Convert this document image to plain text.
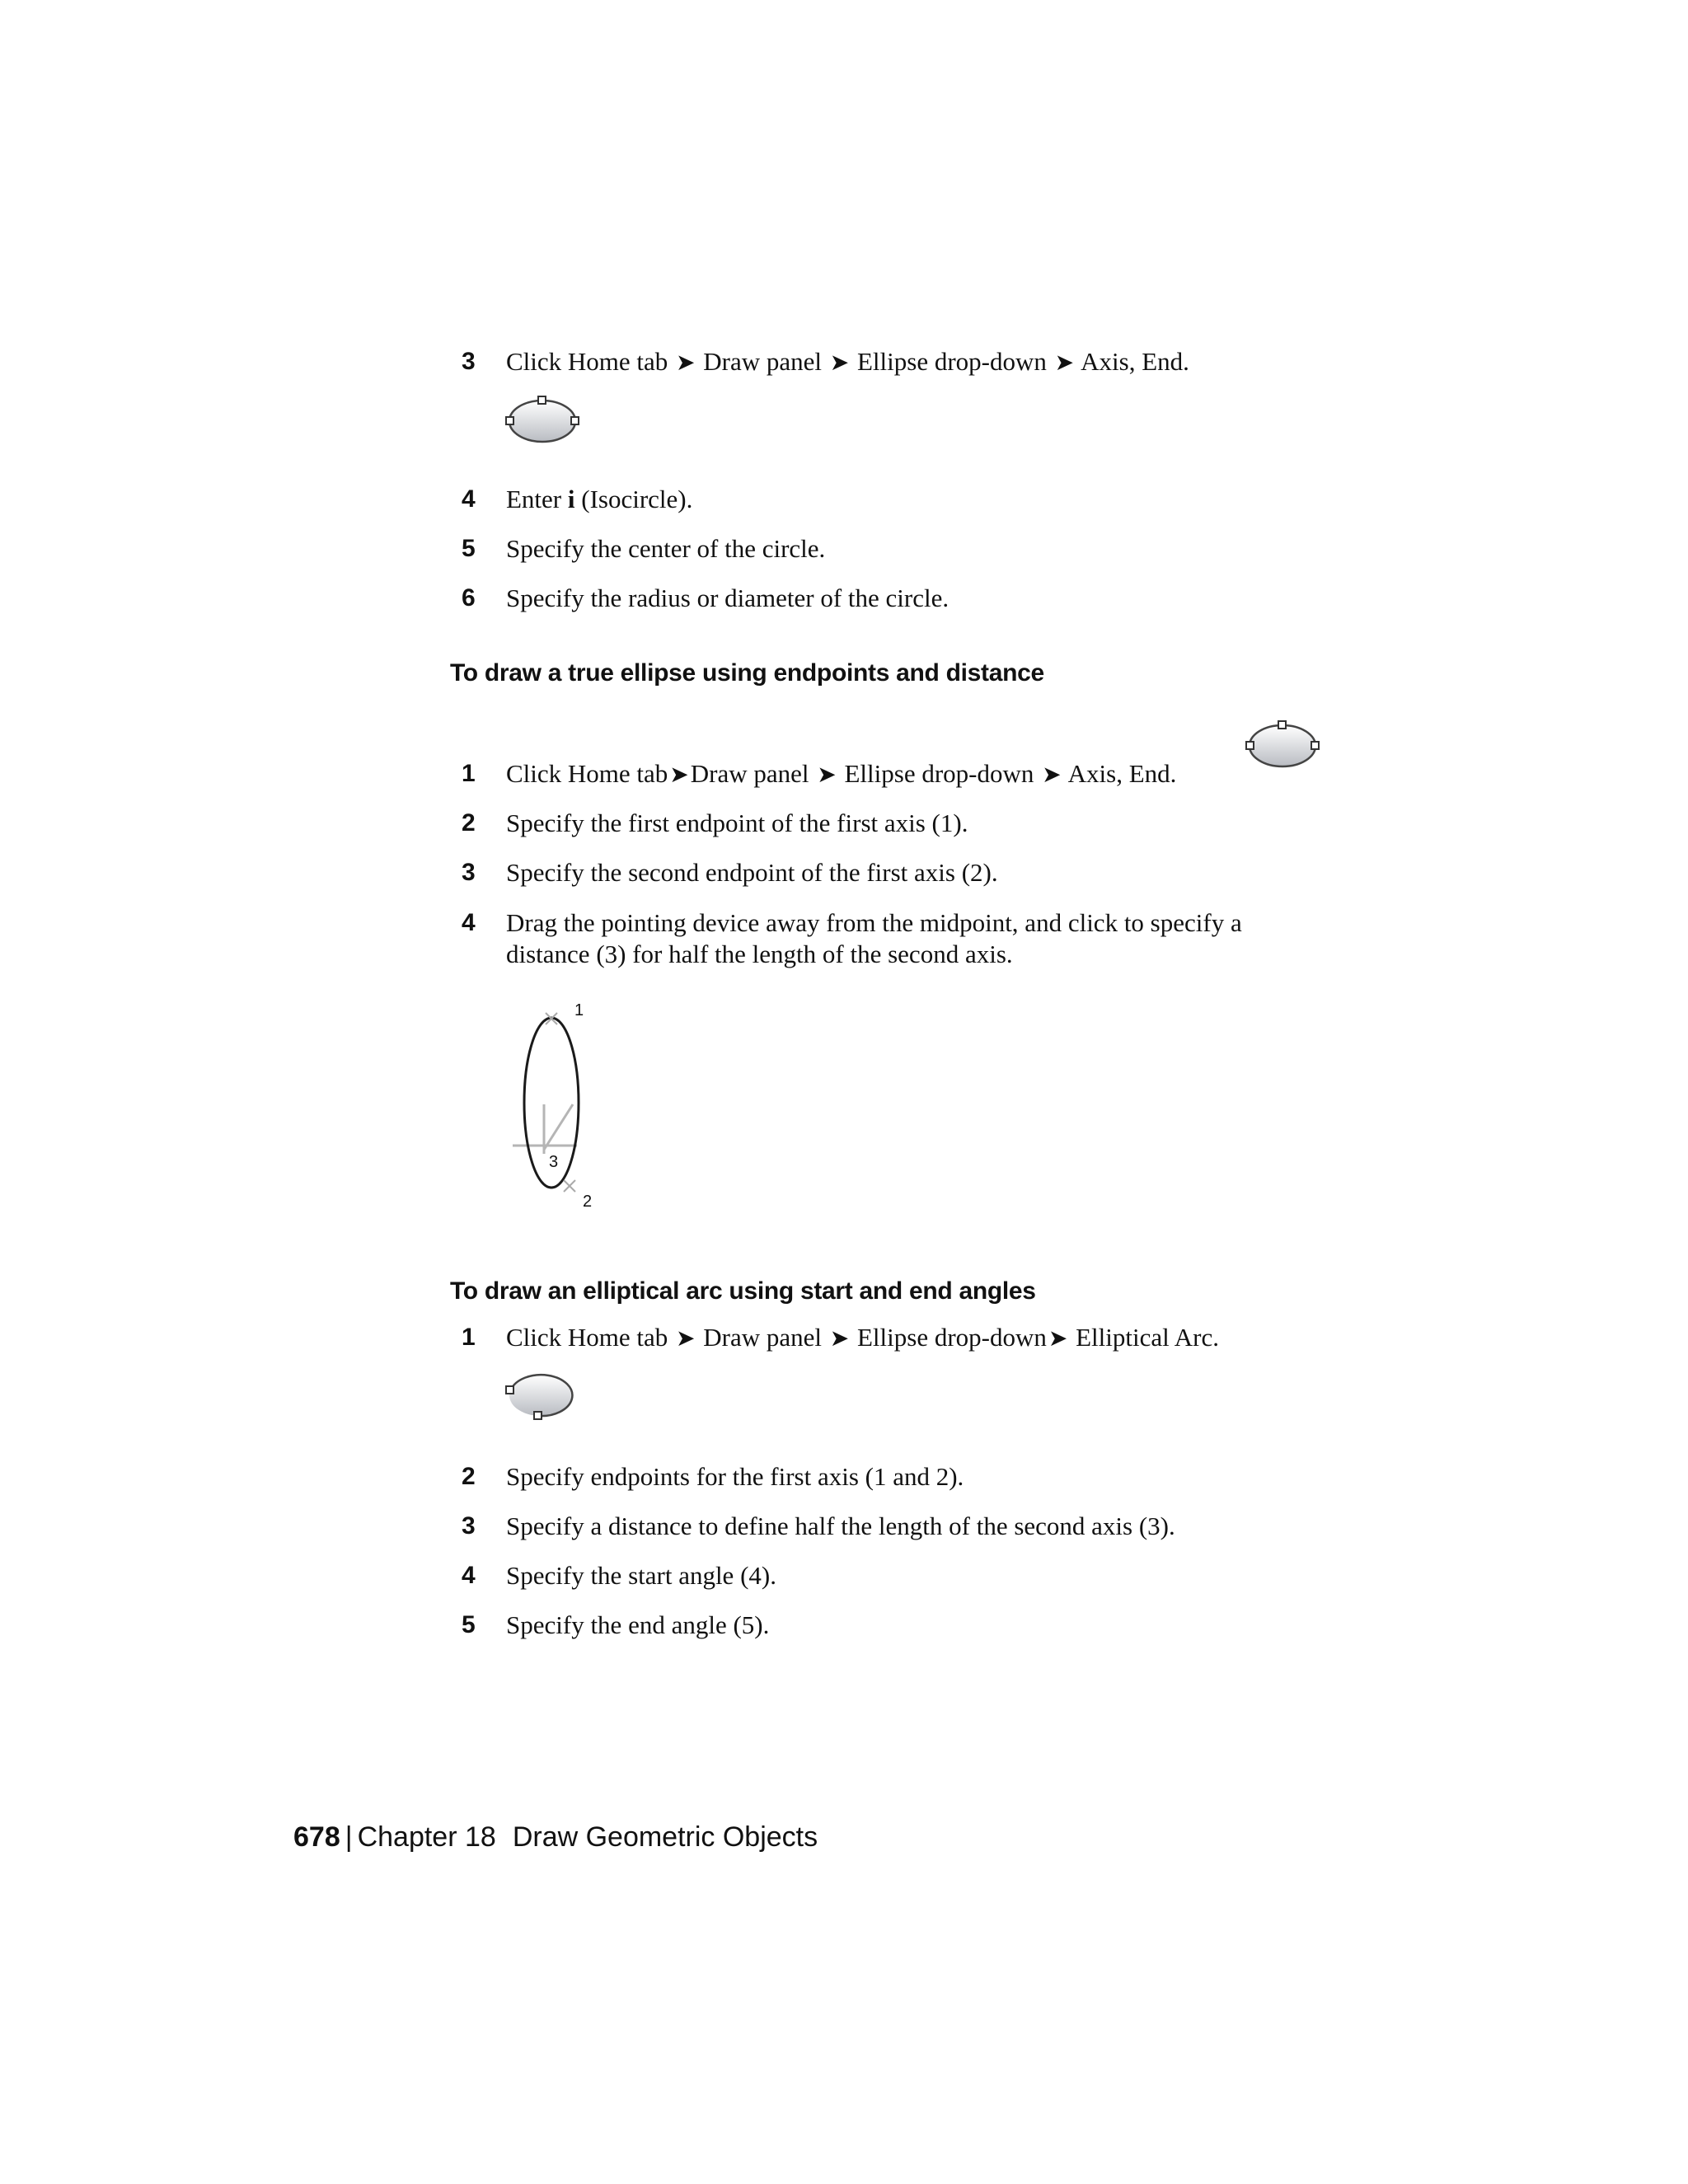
3	Click Home tab ➤ Draw panel ➤ Ellipse drop-down ➤ Axis, End.
4	Enter i (Isocircle).
5	Specify the center of the circle.
6	Specify the radius or diameter of the circle.
To draw a true ellipse using endpoints and distance
1	Click Home tab➤Draw panel ➤ Ellipse drop-down ➤ Axis, End.
2	Specify the first endpoint of the first axis (1).
3	Specify the second endpoint of the first axis (2).
4	Drag the pointing device away from the midpoint, and click to specify a
distance (3) for half the length of the second axis.
1
2
3
To draw an elliptical arc using start and end angles
1	Click Home tab ➤ Draw panel ➤ Ellipse drop-down➤ Elliptical Arc.
2	Specify endpoints for the first axis (1 and 2).
3	Specify a distance to define half the length of the second axis (3).
4	Specify the start angle (4).
5	Specify the end angle (5).
678 | Chapter 18 Draw Geometric Objects
